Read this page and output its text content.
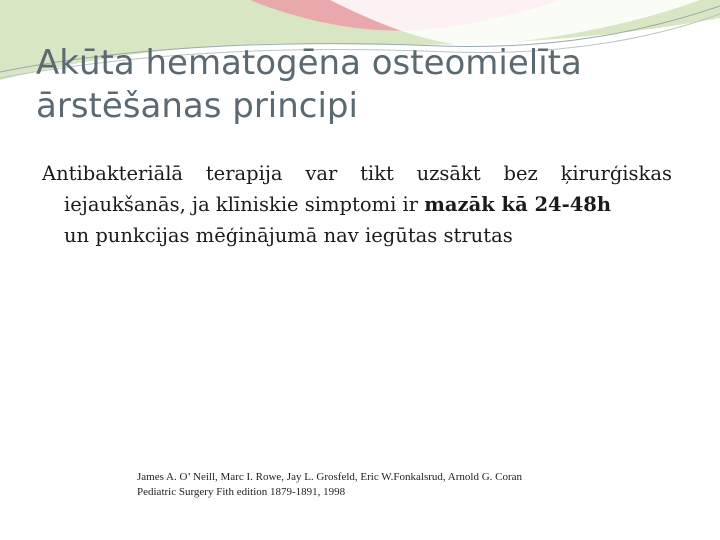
Akūta hematogēna osteomielīta
ārstēšanas principi
Antibakteriālā terapija var tikt uzsākt bez ķirurģiskas
iejaukšanās, ja klīniskie simptomi ir mazāk kā 24-48h
un punkcijas mēģinājumā nav iegūtas strutas
James A. O’ Neill, Marc I. Rowe, Jay L. Grosfeld, Eric W.Fonkalsrud, Arnold G. Coran
Pediatric Surgery Fith edition 1879-1891, 1998
